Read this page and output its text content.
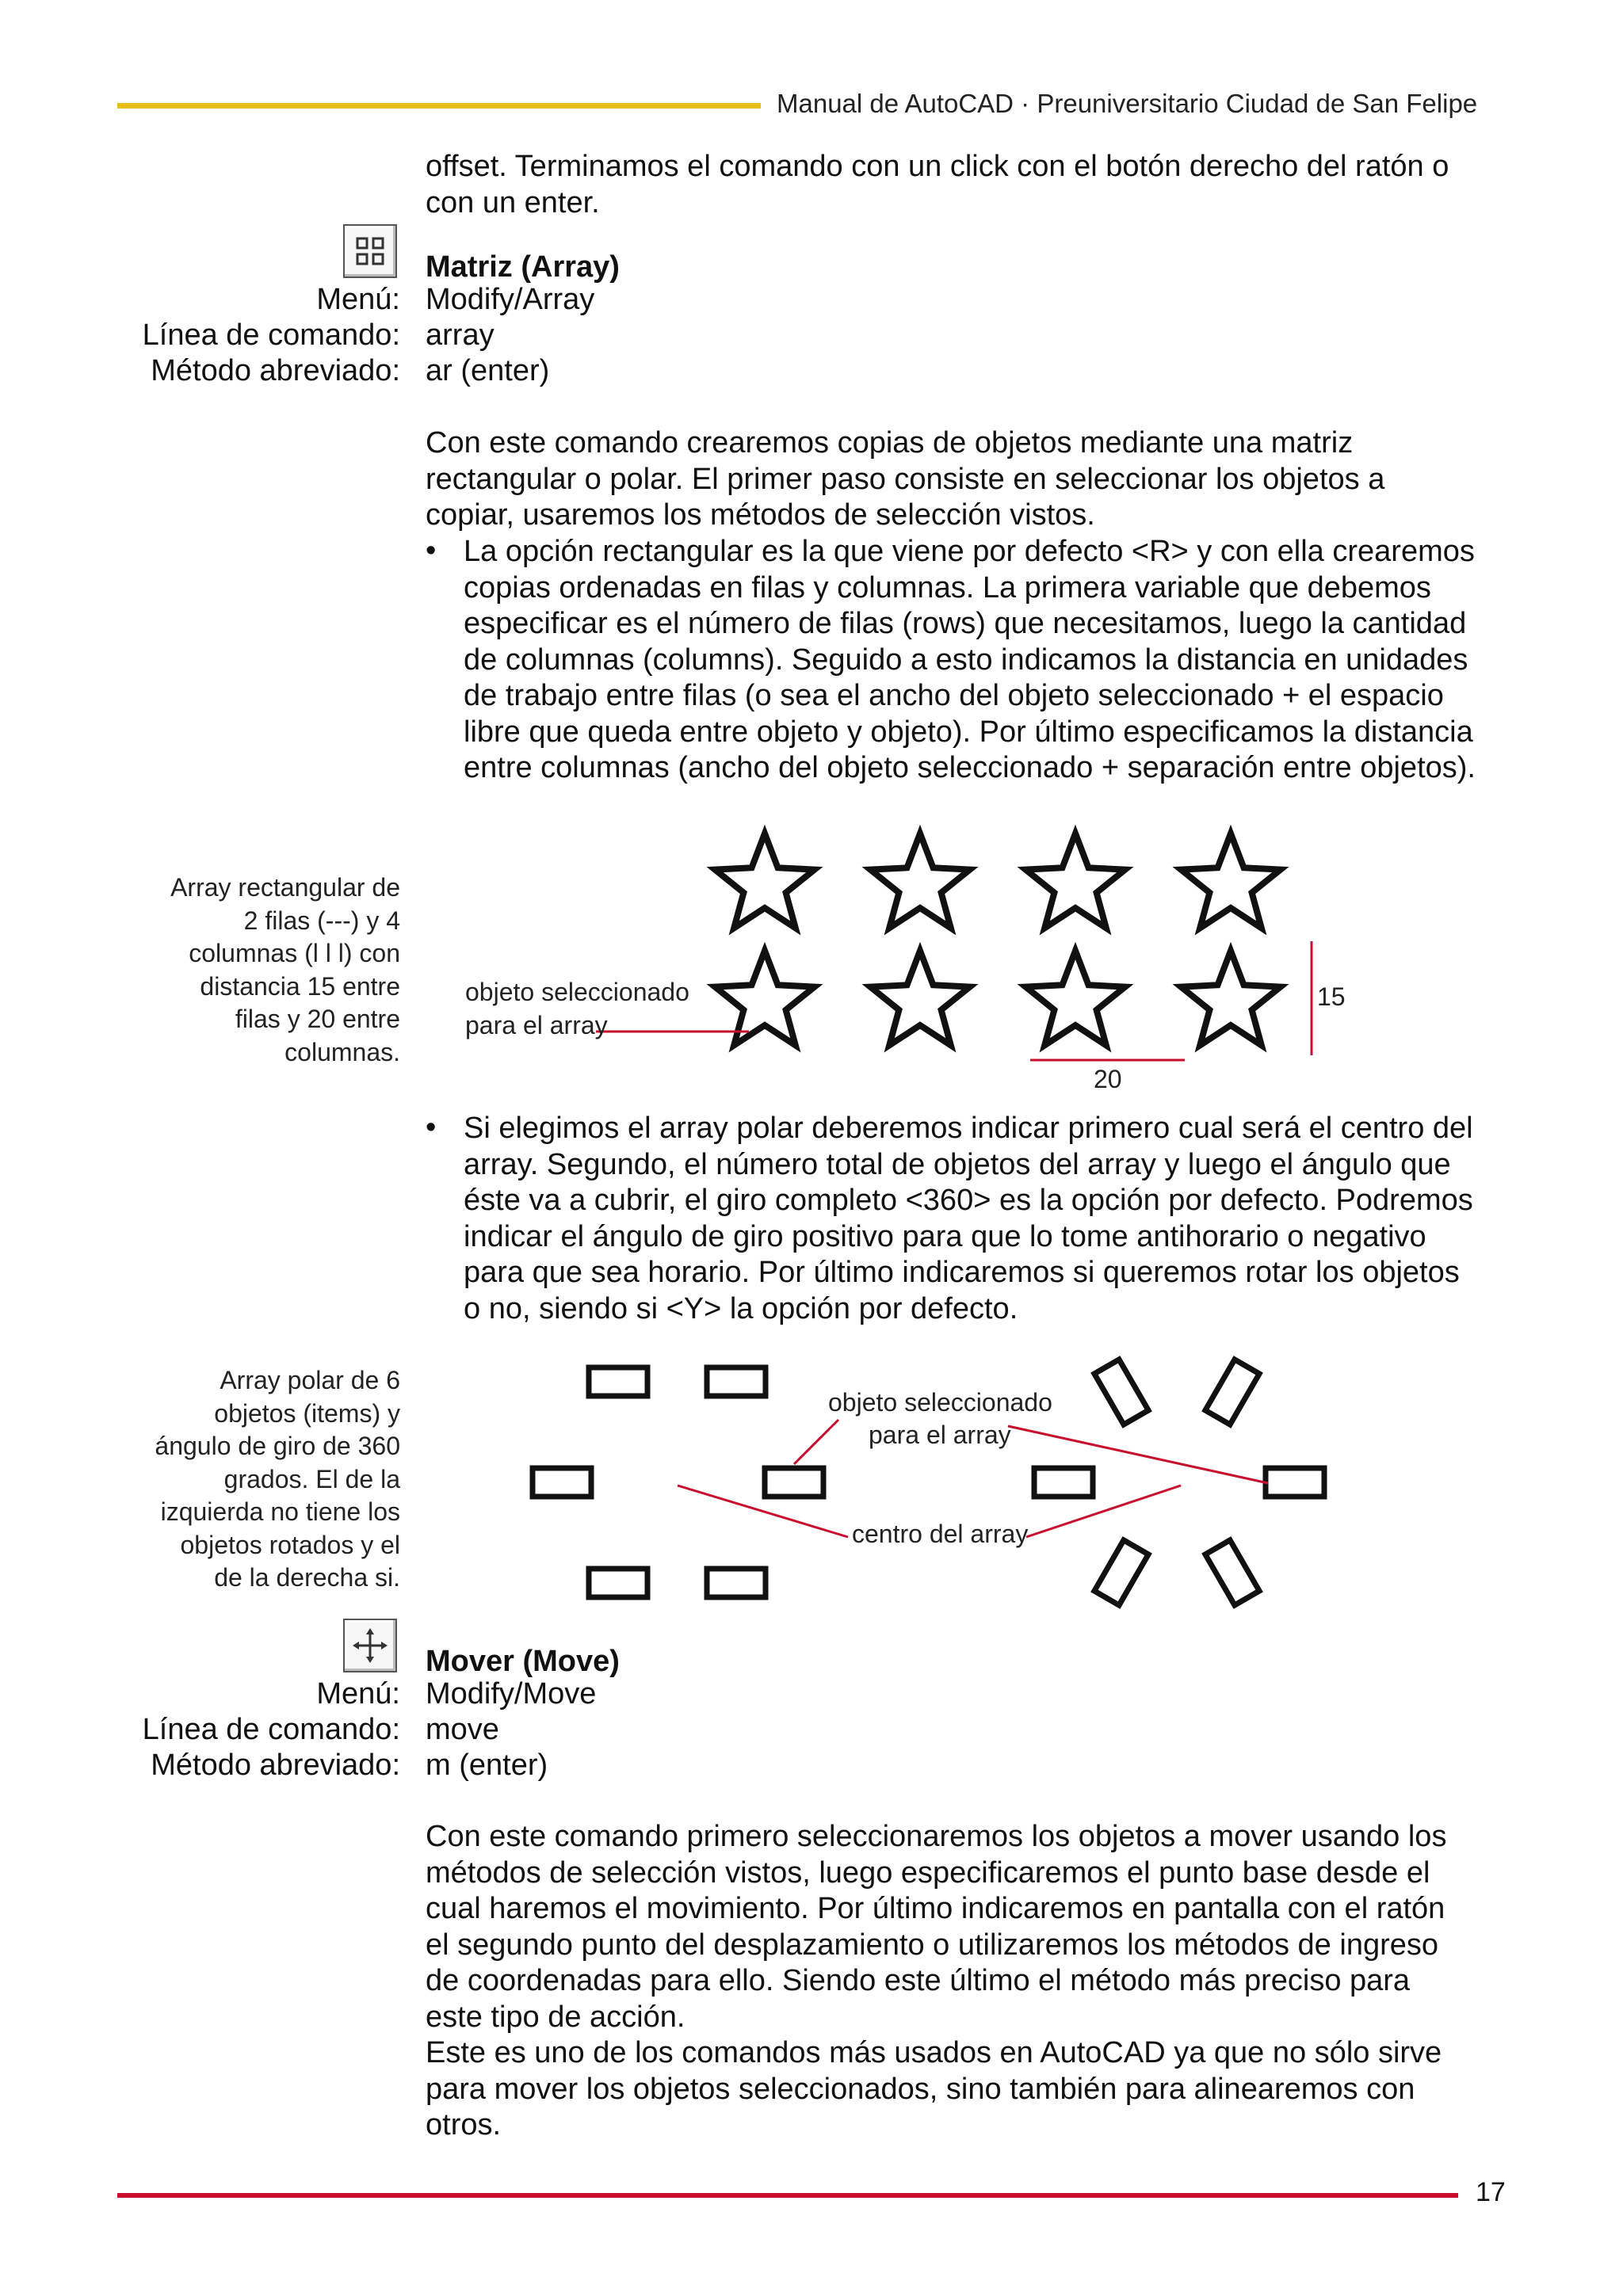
Manual de AutoCAD · Preuniversitario Ciudad de San Felipe
offset. Terminamos el comando con un click con el botón derecho del ratón o con un enter.
Matriz (Array)
Menú: Modify/Array
Línea de comando: array
Método abreviado: ar (enter)
Con este comando crearemos copias de objetos mediante una matriz rectangular o polar. El primer paso consiste en seleccionar los objetos a copiar, usaremos los métodos de selección vistos.
• La opción rectangular es la que viene por defecto <R> y con ella crearemos copias ordenadas en filas y columnas. La primera variable que debemos especificar es el número de filas (rows) que necesitamos, luego la cantidad de columnas (columns). Seguido a esto indicamos la distancia en unidades de trabajo entre filas (o sea el ancho del objeto seleccionado + el espacio libre que queda entre objeto y objeto). Por último especificamos la distancia entre columnas (ancho del objeto seleccionado + separación entre objetos).
Array rectangular de 2 filas (---) y 4 columnas (l l l) con distancia 15 entre filas y 20 entre columnas.
objeto seleccionado
para el array
15
20
• Si elegimos el array polar deberemos indicar primero cual será el centro del array. Segundo, el número total de objetos del array y luego el ángulo que éste va a cubrir, el giro completo <360> es la opción por defecto. Podremos indicar el ángulo de giro positivo para que lo tome antihorario o negativo para que sea horario. Por último indicaremos si queremos rotar los objetos o no, siendo si <Y> la opción por defecto.
Array polar de 6 objetos (items) y ángulo de giro de 360 grados. El de la izquierda no tiene los objetos rotados y el de la derecha si.
objeto seleccionado
para el array
centro del array
Mover (Move)
Menú: Modify/Move
Línea de comando: move
Método abreviado: m (enter)
Con este comando primero seleccionaremos los objetos a mover usando los métodos de selección vistos, luego especificaremos el punto base desde el cual haremos el movimiento. Por último indicaremos en pantalla con el ratón el segundo punto del desplazamiento o utilizaremos los métodos de ingreso de coordenadas para ello. Siendo este último el método más preciso para este tipo de acción.
Este es uno de los comandos más usados en AutoCAD ya que no sólo sirve para mover los objetos seleccionados, sino también para alinearemos con otros.
17
